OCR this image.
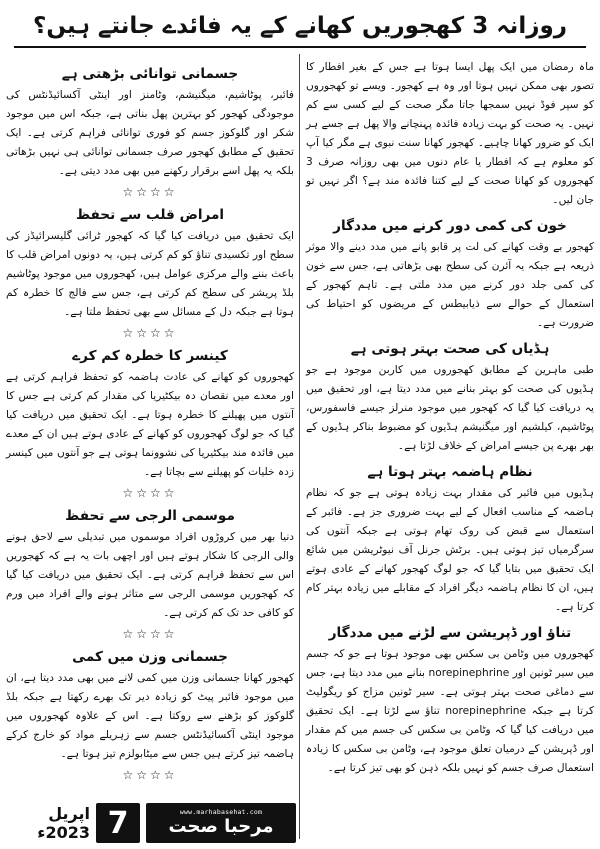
روزانہ 3 کھجوریں کھانے کے یہ فائدے جانتے ہیں؟

ماہ رمضان میں ایک پھل ایسا ہوتا ہے جس کے بغیر افطار کا تصور بھی ممکن نہیں ہوتا اور وہ ہے کھجور۔ ویسے تو کھجوروں کو سپر فوڈ نہیں سمجھا جاتا مگر صحت کے لیے کسی سے کم نہیں۔ یہ صحت کو بہت زیادہ فائدہ پہنچانے والا پھل ہے جسے ہر ایک کو ضرور کھانا چاہیے۔ کھجور کھانا سنت نبوی ہے مگر کیا آپ کو معلوم ہے کہ افطار یا عام دنوں میں بھی روزانہ صرف 3 کھجوروں کو کھانا صحت کے لیے کتنا فائدہ مند ہے؟ اگر نہیں تو جان لیں۔

خون کی کمی دور کرنے میں مددگار

کھجور بے وقت کھانے کی لت پر قابو پانے میں مدد دینے والا موثر ذریعہ ہے جبکہ یہ آئرن کی سطح بھی بڑھاتی ہے، جس سے خون کی کمی جلد دور کرنے میں مدد ملتی ہے۔ تاہم کھجور کے استعمال کے حوالے سے ذیابیطس کے مریضوں کو احتیاط کی ضرورت ہے۔

ہڈیاں کی صحت بہتر ہوتی ہے

طبی ماہرین کے مطابق کھجوروں میں کاربن موجود ہے جو ہڈیوں کی صحت کو بہتر بنانے میں مدد دیتا ہے، اور تحقیق میں یہ دریافت کیا گیا کہ کھجور میں موجود منرلز جیسے فاسفورس، پوٹاشیم، کیلشیم اور میگنیشم ہڈیوں کو مضبوط بناکر ہڈیوں کے بھر بھرے پن جیسے امراض کے خلاف لڑتا ہے۔

نظام ہاضمہ بہتر ہوتا ہے

ہڈیوں میں فائبر کی مقدار بہت زیادہ ہوتی ہے جو کہ نظام ہاضمہ کے مناسب افعال کے لیے بہت ضروری جز ہے۔ فائبر کے استعمال سے قبض کی روک تھام ہوتی ہے جبکہ آنتوں کی سرگرمیاں تیز ہوتی ہیں۔ برٹش جرنل آف نیوٹریشن میں شائع ایک تحقیق میں بتایا گیا کہ جو لوگ کھجور کھانے کے عادی ہوتے ہیں، ان کا نظام ہاضمہ دیگر افراد کے مقابلے میں زیادہ بہتر کام کرتا ہے۔

تناؤ اور ڈپریشن سے لڑنے میں مددگار

کھجوروں میں وٹامن بی سکس بھی موجود ہوتا ہے جو کہ جسم میں سیر ٹونین اور norepinephrine بنانے میں مدد دیتا ہے، جس سے دماغی صحت بہتر ہوتی ہے۔ سیر ٹونین مزاج کو ریگولیٹ کرتا ہے جبکہ norepinephrine تناؤ سے لڑتا ہے۔ ایک تحقیق میں دریافت کیا گیا کہ وٹامن بی سکس کی جسم میں کم مقدار اور ڈپریشن کے درمیان تعلق موجود ہے، وٹامن بی سکس کا زیادہ استعمال صرف جسم کو نہیں بلکہ ذہن کو بھی تیز کرتا ہے۔

جسمانی توانائی بڑھتی ہے

فائبر، پوٹاشیم، میگنیشم، وٹامنز اور اینٹی آکسائیڈنٹس کی موجودگی کھجور کو بہترین پھل بناتی ہے، جبکہ اس میں موجود شکر اور گلوکوز جسم کو فوری توانائی فراہم کرتی ہے۔ ایک تحقیق کے مطابق کھجور صرف جسمانی توانائی ہی نہیں بڑھاتی بلکہ یہ پھل اسے برقرار رکھنے میں بھی مدد دیتی ہے۔

☆☆☆☆
امراض قلب سے تحفظ

ایک تحقیق میں دریافت کیا گیا کہ کھجور ٹرائی گلیسرائیڈز کی سطح اور تکسیدی تناؤ کو کم کرتی ہیں، یہ دونوں امراض قلب کا باعث بننے والے مرکزی عوامل ہیں، کھجوروں میں موجود پوٹاشیم بلڈ پریشر کی سطح کم کرتی ہے، جس سے فالج کا خطرہ کم ہوتا ہے جبکہ دل کے مسائل سے بھی تحفظ ملتا ہے۔

☆☆☆☆
کینسر کا خطرہ کم کرے

کھجوروں کو کھانے کی عادت ہاضمہ کو تحفظ فراہم کرتی ہے اور معدے میں نقصان دہ بیکٹیریا کی مقدار کم کرتی ہے جس کا آنتوں میں پھیلنے کا خطرہ ہوتا ہے۔ ایک تحقیق میں دریافت کیا گیا کہ جو لوگ کھجوروں کو کھانے کے عادی ہوتے ہیں ان کے معدے میں فائدہ مند بیکٹیریا کی نشوونما ہوتی ہے جو آنتوں میں کینسر زدہ خلیات کو پھیلنے سے بچاتا ہے۔

☆☆☆☆
موسمی الرجی سے تحفظ

دنیا بھر میں کروڑوں افراد موسموں میں تبدیلی سے لاحق ہونے والی الرجی کا شکار ہوتے ہیں اور اچھی بات یہ ہے کہ کھجوریں اس سے تحفظ فراہم کرتی ہے۔ ایک تحقیق میں دریافت کیا گیا کہ کھجوریں موسمی الرجی سے متاثر ہونے والے افراد میں ورم کو کافی حد تک کم کرتی ہے۔

☆☆☆☆
جسمانی وزن میں کمی

کھجور کھانا جسمانی وزن میں کمی لانے میں بھی مدد دیتا ہے، ان میں موجود فائبر پیٹ کو زیادہ دیر تک بھرے رکھتا ہے جبکہ بلڈ گلوکوز کو بڑھنے سے روکتا ہے۔ اس کے علاوہ کھجوروں میں موجود اینٹی آکسائیڈنٹس جسم سے زہریلے مواد کو خارج کرکے ہاضمہ تیز کرتے ہیں جس سے میٹابولزم تیز ہوتا ہے۔

☆☆☆☆
www.marhabasehat.com
مرحبا صحت
7
اپریل 2023ء
